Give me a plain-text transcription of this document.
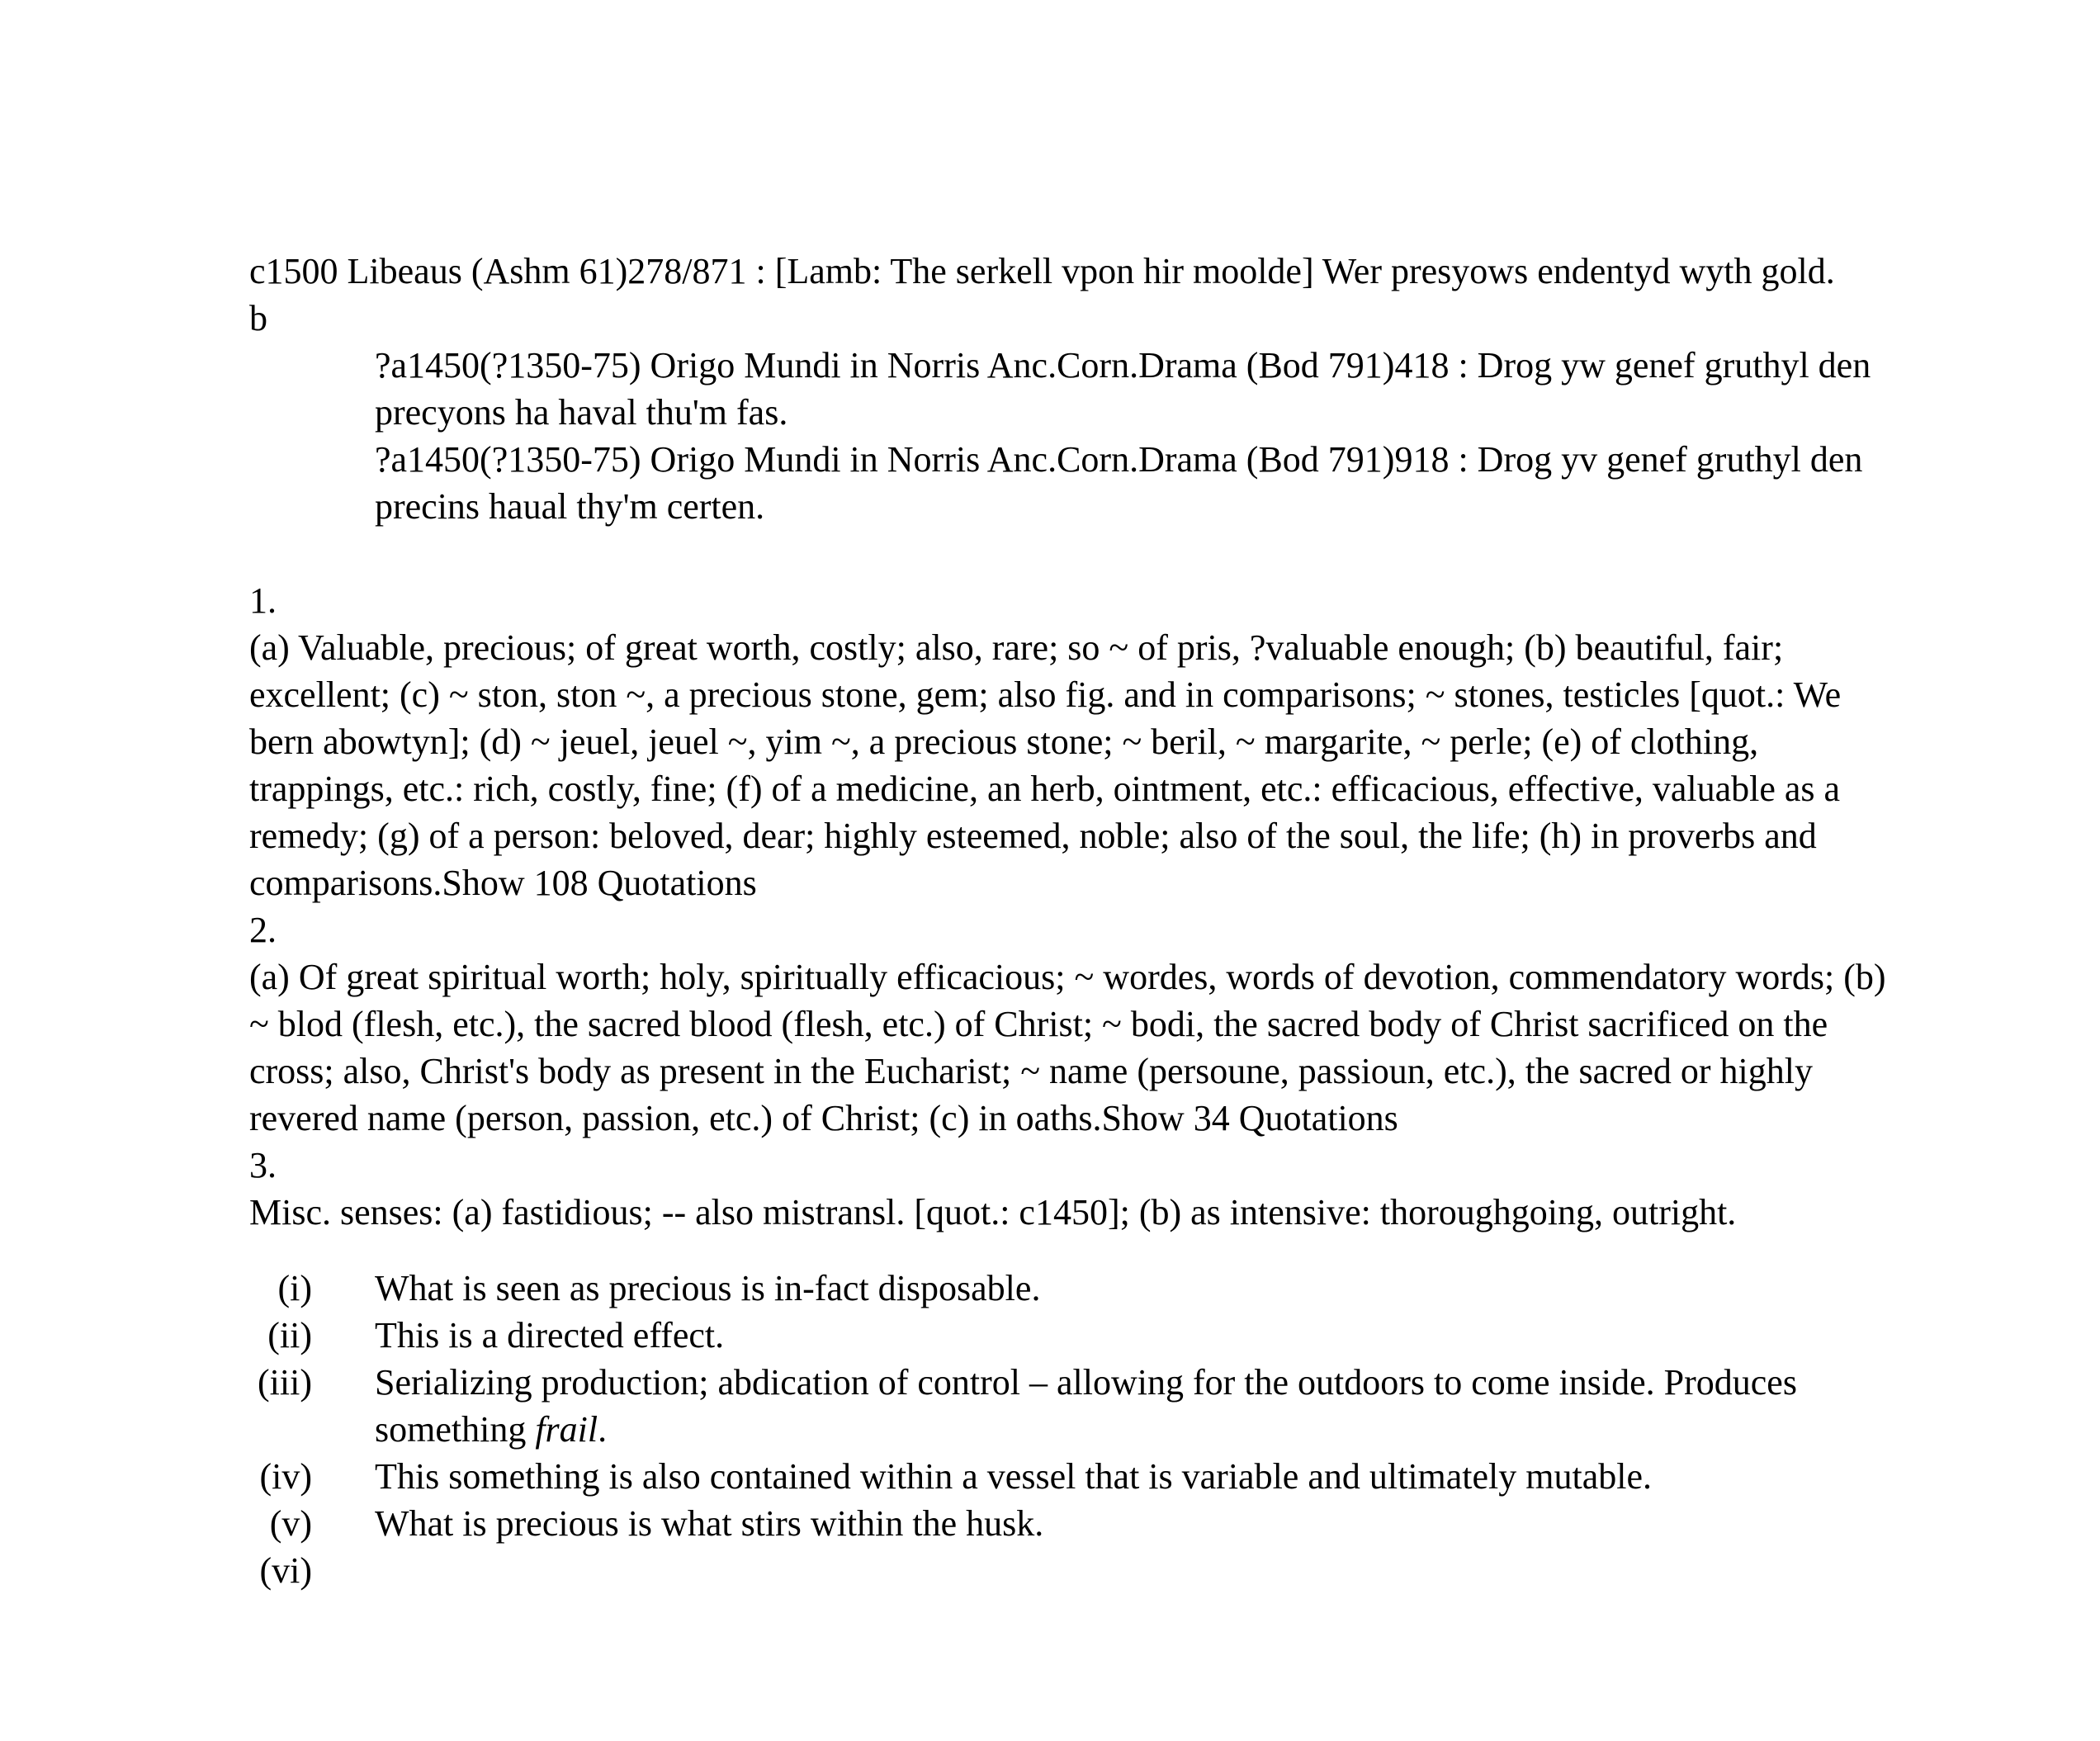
c1500 Libeaus (Ashm 61)278/871 : [Lamb: The serkell vpon hir moolde] Wer presyows endentyd wyth gold.

b

?a1450(?1350-75) Origo Mundi in Norris Anc.Corn.Drama (Bod 791)418 : Drog yw genef gruthyl den precyons ha haval thu'm fas.

?a1450(?1350-75) Origo Mundi in Norris Anc.Corn.Drama (Bod 791)918 : Drog yv genef gruthyl den precins haual thy'm certen.

1.

(a) Valuable, precious; of great worth, costly; also, rare; so ~ of pris, ?valuable enough; (b) beautiful, fair; excellent; (c) ~ ston, ston ~, a precious stone, gem; also fig. and in comparisons; ~ stones, testicles [quot.: We bern abowtyn]; (d) ~ jeuel, jeuel ~, yim ~, a precious stone; ~ beril, ~ margarite, ~ perle; (e) of clothing, trappings, etc.: rich, costly, fine; (f) of a medicine, an herb, ointment, etc.: efficacious, effective, valuable as a remedy; (g) of a person: beloved, dear; highly esteemed, noble; also of the soul, the life; (h) in proverbs and comparisons.Show 108 Quotations

2.

(a) Of great spiritual worth; holy, spiritually efficacious; ~ wordes, words of devotion, commendatory words; (b) ~ blod (flesh, etc.), the sacred blood (flesh, etc.) of Christ; ~ bodi, the sacred body of Christ sacrificed on the cross; also, Christ's body as present in the Eucharist; ~ name (persoune, passioun, etc.), the sacred or highly revered name (person, passion, etc.) of Christ; (c) in oaths.Show 34 Quotations

3.

Misc. senses: (a) fastidious; -- also mistransl. [quot.: c1450]; (b) as intensive: thoroughgoing, outright.

(i)	What is seen as precious is in-fact disposable.
(ii)	This is a directed effect.
(iii)	Serializing production; abdication of control – allowing for the outdoors to come inside. Produces something frail.
(iv)	This something is also contained within a vessel that is variable and ultimately mutable.
(v)	What is precious is what stirs within the husk.
(vi)
